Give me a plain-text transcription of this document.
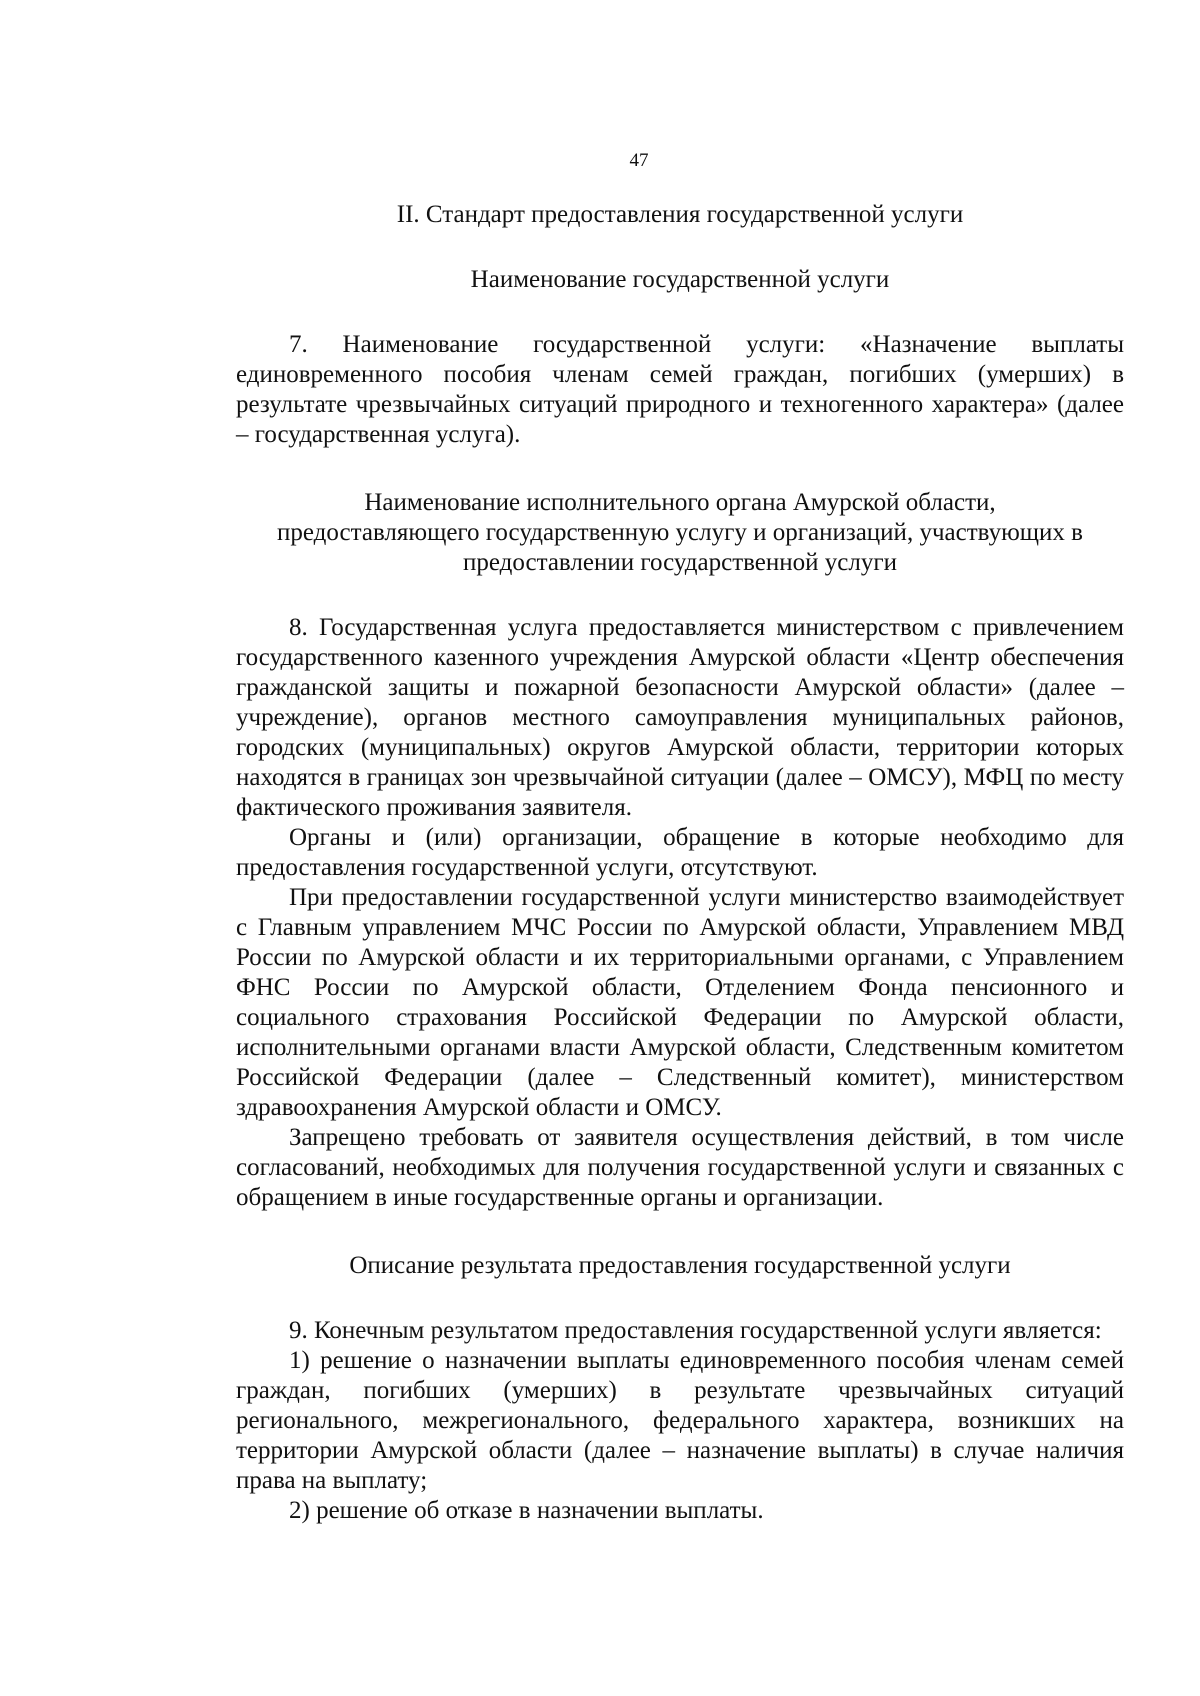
47
II. Стандарт предоставления государственной услуги
Наименование государственной услуги

7. Наименование государственной услуги: «Назначение выплаты единовременного пособия членам семей граждан, погибших (умерших) в результате чрезвычайных ситуаций природного и техногенного характера» (далее – государственная услуга).

Наименование исполнительного органа Амурской области,
предоставляющего государственную услугу и организаций, участвующих в
предоставлении государственной услуги

8. Государственная услуга предоставляется министерством с привлечением государственного казенного учреждения Амурской области «Центр обеспечения гражданской защиты и пожарной безопасности Амурской области» (далее – учреждение), органов местного самоуправления муниципальных районов, городских (муниципальных) округов Амурской области, территории которых находятся в границах зон чрезвычайной ситуации (далее – ОМСУ), МФЦ по месту фактического проживания заявителя.

Органы и (или) организации, обращение в которые необходимо для предоставления государственной услуги, отсутствуют.

При предоставлении государственной услуги министерство взаимодействует с Главным управлением МЧС России по Амурской области, Управлением МВД России по Амурской области и их территориальными органами, с Управлением ФНС России по Амурской области, Отделением Фонда пенсионного и социального страхования Российской Федерации по Амурской области, исполнительными органами власти Амурской области, Следственным комитетом Российской Федерации (далее – Следственный комитет), министерством здравоохранения Амурской области и ОМСУ.

Запрещено требовать от заявителя осуществления действий, в том числе согласований, необходимых для получения государственной услуги и связанных с обращением в иные государственные органы и организации.

Описание результата предоставления государственной услуги

9. Конечным результатом предоставления государственной услуги является:

1) решение о назначении выплаты единовременного пособия членам семей граждан, погибших (умерших) в результате чрезвычайных ситуаций регионального, межрегионального, федерального характера, возникших на территории Амурской области (далее – назначение выплаты) в случае наличия права на выплату;

2) решение об отказе в назначении выплаты.
